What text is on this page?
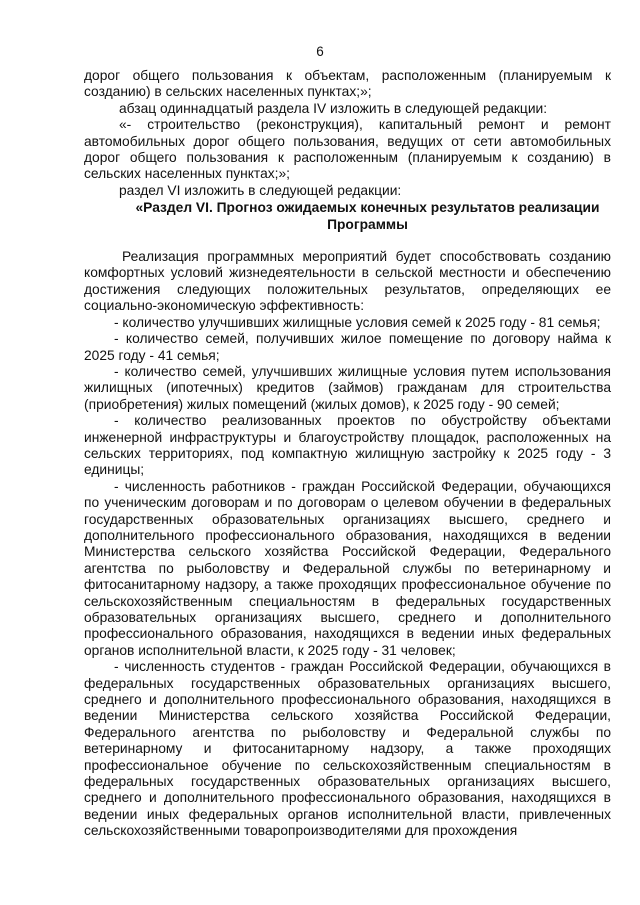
6

дорог общего пользования к объектам, расположенным (планируемым к созданию) в сельских населенных пунктах;»;

абзац одиннадцатый раздела IV изложить в следующей редакции:

«- строительство (реконструкция), капитальный ремонт и ремонт автомобильных дорог общего пользования, ведущих от сети автомобильных дорог общего пользования к расположенным (планируемым к созданию) в сельских населенных пунктах;»;

раздел VI изложить в следующей редакции:

«Раздел VI. Прогноз ожидаемых конечных результатов реализации Программы

Реализация программных мероприятий будет способствовать созданию комфортных условий жизнедеятельности в сельской местности и обеспечению достижения следующих положительных результатов, определяющих ее социально-экономическую эффективность:

- количество улучшивших жилищные условия семей к 2025 году - 81 семья;

- количество семей, получивших жилое помещение по договору найма к 2025 году - 41 семья;

- количество семей, улучшивших жилищные условия путем использования жилищных (ипотечных) кредитов (займов) гражданам для строительства (приобретения) жилых помещений (жилых домов), к 2025 году - 90 семей;

- количество реализованных проектов по обустройству объектами инженерной инфраструктуры и благоустройству площадок, расположенных на сельских территориях, под компактную жилищную застройку к 2025 году - 3 единицы;

- численность работников - граждан Российской Федерации, обучающихся по ученическим договорам и по договорам о целевом обучении в федеральных государственных образовательных организациях высшего, среднего и дополнительного профессионального образования, находящихся в ведении Министерства сельского хозяйства Российской Федерации, Федерального агентства по рыболовству и Федеральной службы по ветеринарному и фитосанитарному надзору, а также проходящих профессиональное обучение по сельскохозяйственным специальностям в федеральных государственных образовательных организациях высшего, среднего и дополнительного профессионального образования, находящихся в ведении иных федеральных органов исполнительной власти, к 2025 году - 31 человек;

- численность студентов - граждан Российской Федерации, обучающихся в федеральных государственных образовательных организациях высшего, среднего и дополнительного профессионального образования, находящихся в ведении Министерства сельского хозяйства Российской Федерации, Федерального агентства по рыболовству и Федеральной службы по ветеринарному и фитосанитарному надзору, а также проходящих профессиональное обучение по сельскохозяйственным специальностям в федеральных государственных образовательных организациях высшего, среднего и дополнительного профессионального образования, находящихся в ведении иных федеральных органов исполнительной власти, привлеченных сельскохозяйственными товаропроизводителями для прохождения
